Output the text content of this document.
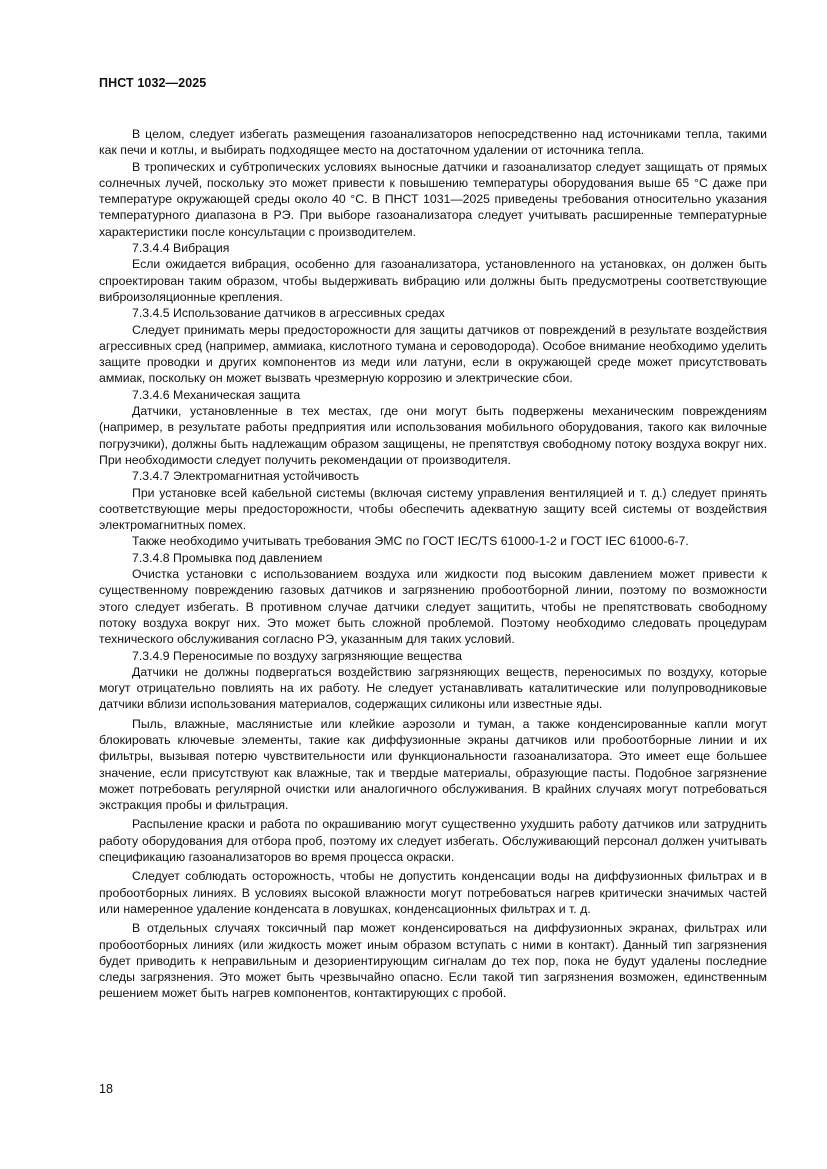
ПНСТ 1032—2025

В целом, следует избегать размещения газоанализаторов непосредственно над источниками тепла, такими как печи и котлы, и выбирать подходящее место на достаточном удалении от источника тепла.

В тропических и субтропических условиях выносные датчики и газоанализатор следует защищать от прямых солнечных лучей, поскольку это может привести к повышению температуры оборудования выше 65 °С даже при температуре окружающей среды около 40 °С. В ПНСТ 1031—2025 приведены требования относительно указания температурного диапазона в РЭ. При выборе газоанализатора следует учитывать расширенные температурные характеристики после консультации с производителем.

7.3.4.4 Вибрация

Если ожидается вибрация, особенно для газоанализатора, установленного на установках, он должен быть спроектирован таким образом, чтобы выдерживать вибрацию или должны быть предусмотрены соответствующие виброизоляционные крепления.

7.3.4.5 Использование датчиков в агрессивных средах

Следует принимать меры предосторожности для защиты датчиков от повреждений в результате воздействия агрессивных сред (например, аммиака, кислотного тумана и сероводорода). Особое внимание необходимо уделить защите проводки и других компонентов из меди или латуни, если в окружающей среде может присутствовать аммиак, поскольку он может вызвать чрезмерную коррозию и электрические сбои.

7.3.4.6 Механическая защита

Датчики, установленные в тех местах, где они могут быть подвержены механическим повреждениям (например, в результате работы предприятия или использования мобильного оборудования, такого как вилочные погрузчики), должны быть надлежащим образом защищены, не препятствуя свободному потоку воздуха вокруг них. При необходимости следует получить рекомендации от производителя.

7.3.4.7 Электромагнитная устойчивость

При установке всей кабельной системы (включая систему управления вентиляцией и т. д.) следует принять соответствующие меры предосторожности, чтобы обеспечить адекватную защиту всей системы от воздействия электромагнитных помех.

Также необходимо учитывать требования ЭМС по ГОСТ IEC/TS 61000-1-2 и ГОСТ IEC 61000-6-7.

7.3.4.8 Промывка под давлением

Очистка установки с использованием воздуха или жидкости под высоким давлением может привести к существенному повреждению газовых датчиков и загрязнению пробоотборной линии, поэтому по возможности этого следует избегать. В противном случае датчики следует защитить, чтобы не препятствовать свободному потоку воздуха вокруг них. Это может быть сложной проблемой. Поэтому необходимо следовать процедурам технического обслуживания согласно РЭ, указанным для таких условий.

7.3.4.9 Переносимые по воздуху загрязняющие вещества

Датчики не должны подвергаться воздействию загрязняющих веществ, переносимых по воздуху, которые могут отрицательно повлиять на их работу. Не следует устанавливать каталитические или полупроводниковые датчики вблизи использования материалов, содержащих силиконы или известные яды.

Пыль, влажные, маслянистые или клейкие аэрозоли и туман, а также конденсированные капли могут блокировать ключевые элементы, такие как диффузионные экраны датчиков или пробоотборные линии и их фильтры, вызывая потерю чувствительности или функциональности газоанализатора. Это имеет еще большее значение, если присутствуют как влажные, так и твердые материалы, образующие пасты. Подобное загрязнение может потребовать регулярной очистки или аналогичного обслуживания. В крайних случаях могут потребоваться экстракция пробы и фильтрация.

Распыление краски и работа по окрашиванию могут существенно ухудшить работу датчиков или затруднить работу оборудования для отбора проб, поэтому их следует избегать. Обслуживающий персонал должен учитывать спецификацию газоанализаторов во время процесса окраски.

Следует соблюдать осторожность, чтобы не допустить конденсации воды на диффузионных фильтрах и в пробоотборных линиях. В условиях высокой влажности могут потребоваться нагрев критически значимых частей или намеренное удаление конденсата в ловушках, конденсационных фильтрах и т. д.

В отдельных случаях токсичный пар может конденсироваться на диффузионных экранах, фильтрах или пробоотборных линиях (или жидкость может иным образом вступать с ними в контакт). Данный тип загрязнения будет приводить к неправильным и дезориентирующим сигналам до тех пор, пока не будут удалены последние следы загрязнения. Это может быть чрезвычайно опасно. Если такой тип загрязнения возможен, единственным решением может быть нагрев компонентов, контактирующих с пробой.

18
